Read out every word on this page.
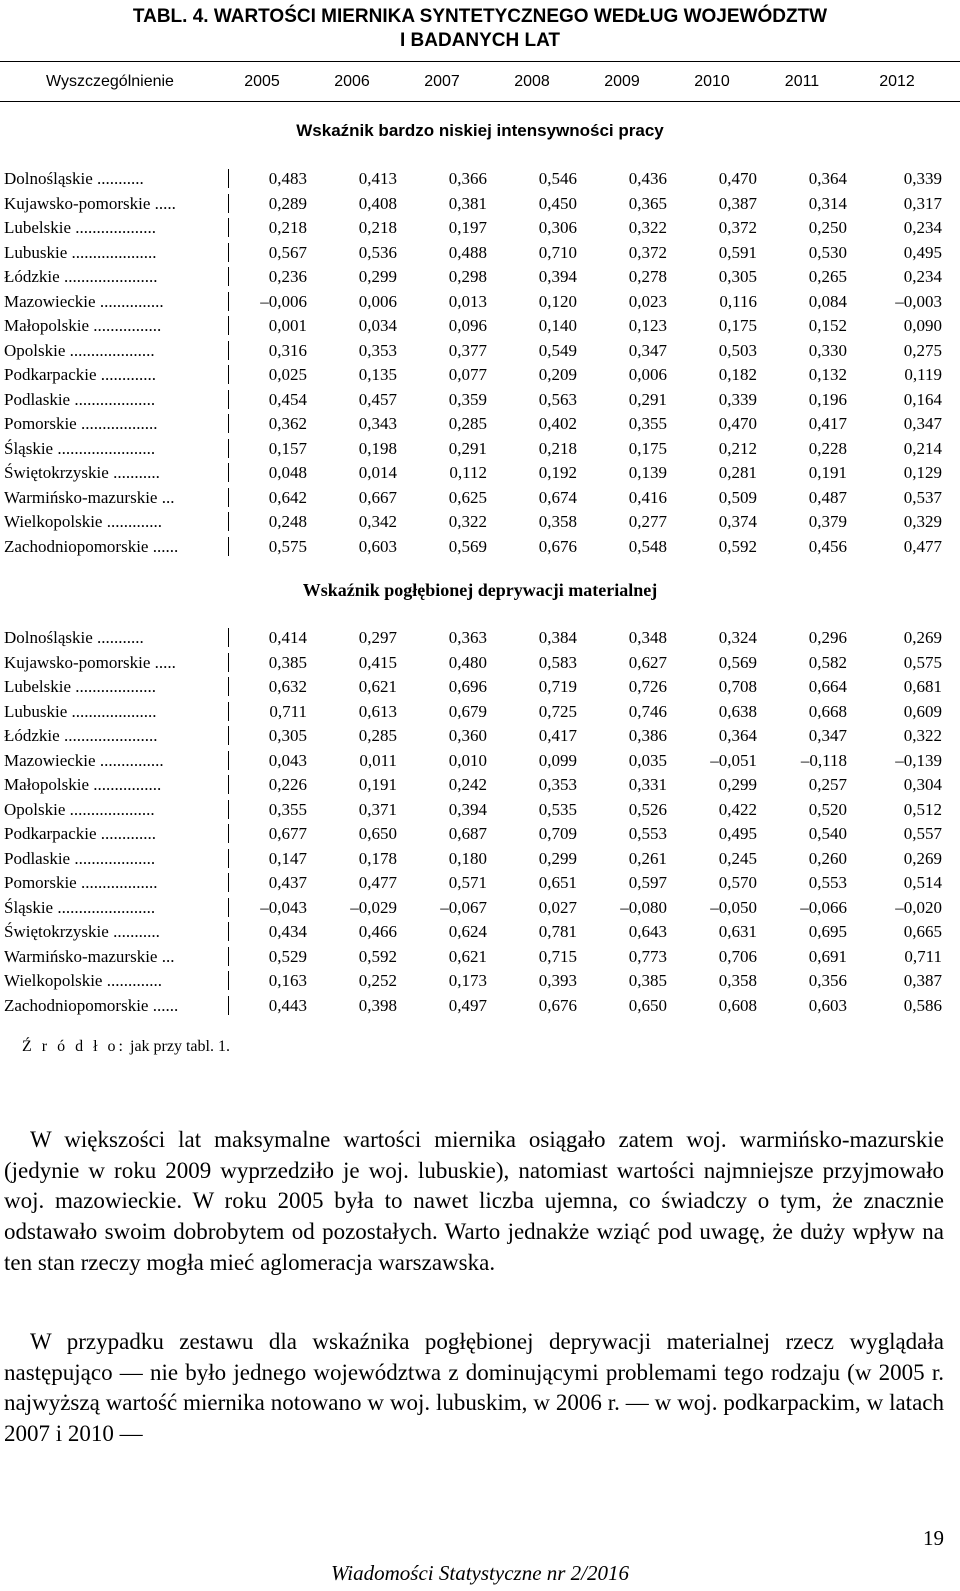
TABL. 4. WARTOŚCI MIERNIKA SYNTETYCZNEGO WEDŁUG WOJEWÓDZTW
I BADANYCH LAT
Wyszczególnienie	2005	2006	2007	2008	2009	2010	2011	2012
Wskaźnik bardzo niskiej intensywności pracy
Dolnośląskie ...........	0,483	0,413	0,366	0,546	0,436	0,470	0,364	0,339
Kujawsko-pomorskie .....	0,289	0,408	0,381	0,450	0,365	0,387	0,314	0,317
Lubelskie ...................	0,218	0,218	0,197	0,306	0,322	0,372	0,250	0,234
Lubuskie ....................	0,567	0,536	0,488	0,710	0,372	0,591	0,530	0,495
Łódzkie ......................	0,236	0,299	0,298	0,394	0,278	0,305	0,265	0,234
Mazowieckie ...............	–0,006	0,006	0,013	0,120	0,023	0,116	0,084	–0,003
Małopolskie ................	0,001	0,034	0,096	0,140	0,123	0,175	0,152	0,090
Opolskie ....................	0,316	0,353	0,377	0,549	0,347	0,503	0,330	0,275
Podkarpackie .............	0,025	0,135	0,077	0,209	0,006	0,182	0,132	0,119
Podlaskie ...................	0,454	0,457	0,359	0,563	0,291	0,339	0,196	0,164
Pomorskie ..................	0,362	0,343	0,285	0,402	0,355	0,470	0,417	0,347
Śląskie .......................	0,157	0,198	0,291	0,218	0,175	0,212	0,228	0,214
Świętokrzyskie ...........	0,048	0,014	0,112	0,192	0,139	0,281	0,191	0,129
Warmińsko-mazurskie ...	0,642	0,667	0,625	0,674	0,416	0,509	0,487	0,537
Wielkopolskie .............	0,248	0,342	0,322	0,358	0,277	0,374	0,379	0,329
Zachodniopomorskie ......	0,575	0,603	0,569	0,676	0,548	0,592	0,456	0,477
Wskaźnik pogłębionej deprywacji materialnej
Dolnośląskie ...........	0,414	0,297	0,363	0,384	0,348	0,324	0,296	0,269
Kujawsko-pomorskie .....	0,385	0,415	0,480	0,583	0,627	0,569	0,582	0,575
Lubelskie ...................	0,632	0,621	0,696	0,719	0,726	0,708	0,664	0,681
Lubuskie ....................	0,711	0,613	0,679	0,725	0,746	0,638	0,668	0,609
Łódzkie ......................	0,305	0,285	0,360	0,417	0,386	0,364	0,347	0,322
Mazowieckie ...............	0,043	0,011	0,010	0,099	0,035	–0,051	–0,118	–0,139
Małopolskie ................	0,226	0,191	0,242	0,353	0,331	0,299	0,257	0,304
Opolskie ....................	0,355	0,371	0,394	0,535	0,526	0,422	0,520	0,512
Podkarpackie .............	0,677	0,650	0,687	0,709	0,553	0,495	0,540	0,557
Podlaskie ...................	0,147	0,178	0,180	0,299	0,261	0,245	0,260	0,269
Pomorskie ..................	0,437	0,477	0,571	0,651	0,597	0,570	0,553	0,514
Śląskie .......................	–0,043	–0,029	–0,067	0,027	–0,080	–0,050	–0,066	–0,020
Świętokrzyskie ...........	0,434	0,466	0,624	0,781	0,643	0,631	0,695	0,665
Warmińsko-mazurskie ...	0,529	0,592	0,621	0,715	0,773	0,706	0,691	0,711
Wielkopolskie .............	0,163	0,252	0,173	0,393	0,385	0,358	0,356	0,387
Zachodniopomorskie ......	0,443	0,398	0,497	0,676	0,650	0,608	0,603	0,586
Ź r ó d ł o: jak przy tabl. 1.

W większości lat maksymalne wartości miernika osiągało zatem woj. warmińsko-mazurskie (jedynie w roku 2009 wyprzedziło je woj. lubuskie), natomiast wartości najmniejsze przyjmowało woj. mazowieckie. W roku 2005 była to nawet liczba ujemna, co świadczy o tym, że znacznie odstawało swoim dobrobytem od pozostałych. Warto jednakże wziąć pod uwagę, że duży wpływ na ten stan rzeczy mogła mieć aglomeracja warszawska.

W przypadku zestawu dla wskaźnika pogłębionej deprywacji materialnej rzecz wyglądała następująco — nie było jednego województwa z dominującymi problemami tego rodzaju (w 2005 r. najwyższą wartość miernika notowano w woj. lubuskim, w 2006 r. — w woj. podkarpackim, w latach 2007 i 2010 —

19
Wiadomości Statystyczne nr 2/2016
